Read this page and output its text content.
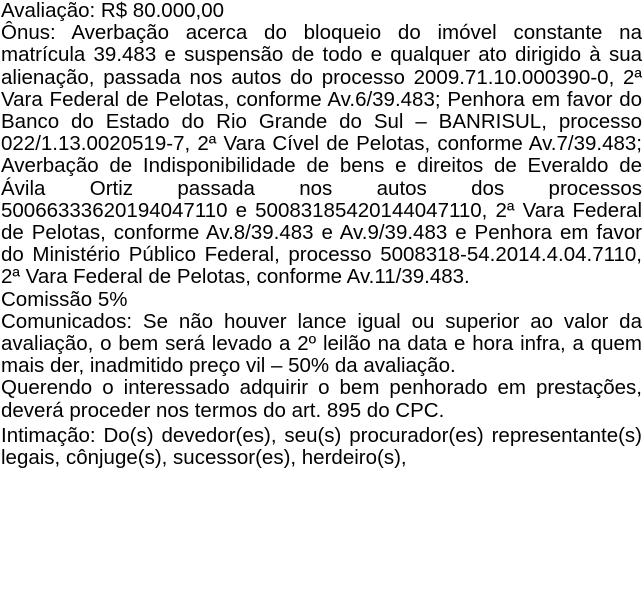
Avaliação: R$ 80.000,00

Ônus: Averbação acerca do bloqueio do imóvel constante na matrícula 39.483 e suspensão de todo e qualquer ato dirigido à sua alienação, passada nos autos do processo 2009.71.10.000390-0, 2ª Vara Federal de Pelotas, conforme Av.6/39.483; Penhora em favor do Banco do Estado do Rio Grande do Sul – BANRISUL, processo 022/1.13.0020519-7, 2ª Vara Cível de Pelotas, conforme Av.7/39.483; Averbação de Indisponibilidade de bens e direitos de Everaldo de Ávila Ortiz passada nos autos dos processos 50066333620194047110 e 50083185420144047110, 2ª Vara Federal de Pelotas, conforme Av.8/39.483 e Av.9/39.483 e Penhora em favor do Ministério Público Federal, processo 5008318-54.2014.4.04.7110, 2ª Vara Federal de Pelotas, conforme Av.11/39.483.

Comissão 5%

Comunicados: Se não houver lance igual ou superior ao valor da avaliação, o bem será levado a 2º leilão na data e hora infra, a quem mais der, inadmitido preço vil – 50% da avaliação.

Querendo o interessado adquirir o bem penhorado em prestações, deverá proceder nos termos do art. 895 do CPC.

Intimação: Do(s) devedor(es), seu(s) procurador(es) representante(s) legais, cônjuge(s), sucessor(es), herdeiro(s),
